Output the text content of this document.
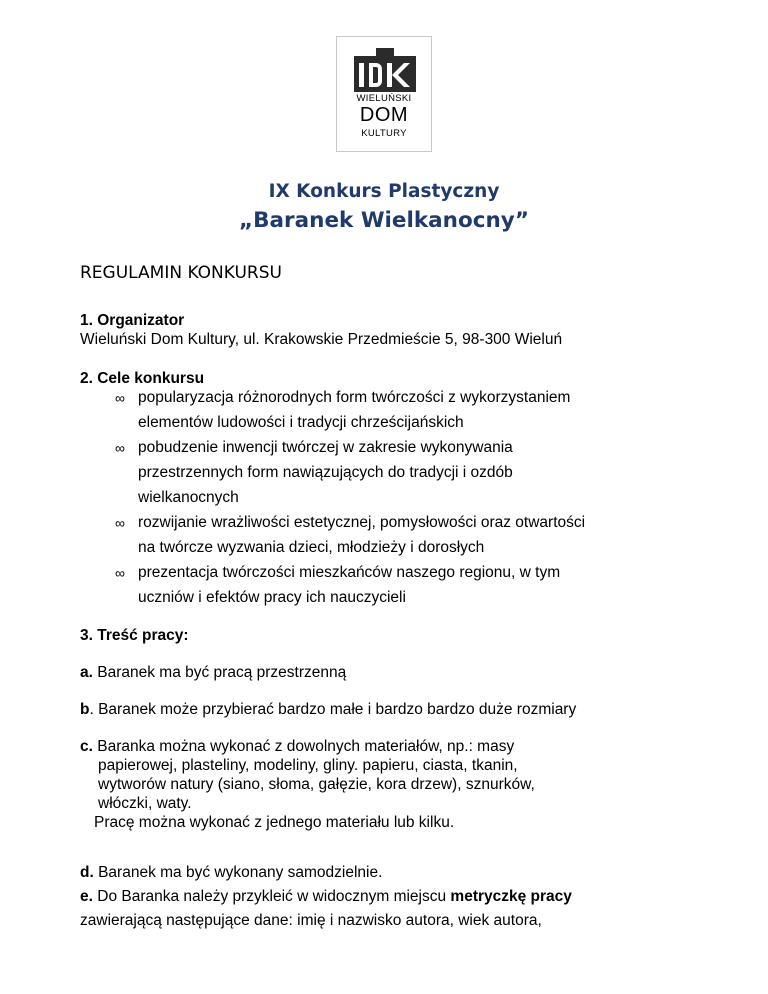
WIELUŃSKI
DOM
KULTURY
IX Konkurs Plastyczny
„Baranek Wielkanocny”
REGULAMIN KONKURSU
1. Organizator
Wieluński Dom Kultury, ul. Krakowskie Przedmieście 5, 98-300 Wieluń
2. Cele konkursu
∞ popularyzacja różnorodnych form twórczości z wykorzystaniem
elementów ludowości i tradycji chrześcijańskich
∞ pobudzenie inwencji twórczej w zakresie wykonywania
przestrzennych form nawiązujących do tradycji i ozdób
wielkanocnych
∞ rozwijanie wrażliwości estetycznej, pomysłowości oraz otwartości
na twórcze wyzwania dzieci, młodzieży i dorosłych
∞ prezentacja twórczości mieszkańców naszego regionu, w tym
uczniów i efektów pracy ich nauczycieli
3. Treść pracy:
a. Baranek ma być pracą przestrzenną
b. Baranek może przybierać bardzo małe i bardzo bardzo duże rozmiary
c. Baranka można wykonać z dowolnych materiałów, np.: masy
papierowej, plasteliny, modeliny, gliny. papieru, ciasta, tkanin,
wytworów natury (siano, słoma, gałęzie, kora drzew), sznurków,
włóczki, waty.
Pracę można wykonać z jednego materiału lub kilku.
d. Baranek ma być wykonany samodzielnie.
e. Do Baranka należy przykleić w widocznym miejscu metryczkę pracy
zawierającą następujące dane: imię i nazwisko autora, wiek autora,
